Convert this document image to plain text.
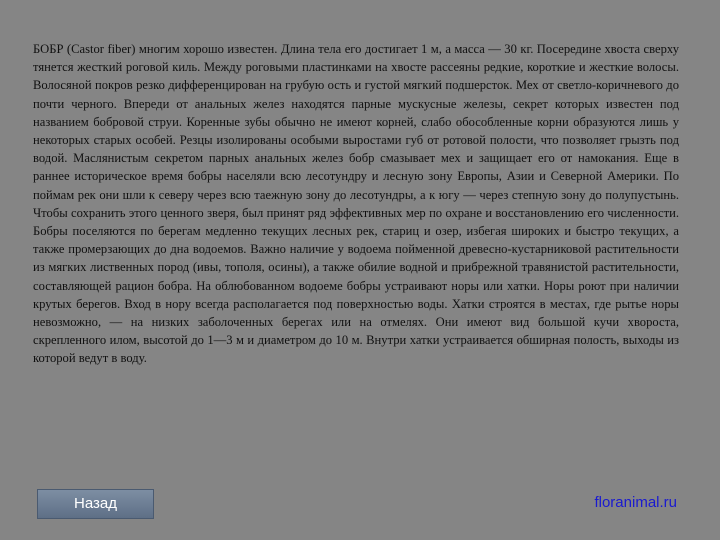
БОБР (Castor fiber) многим хорошо известен. Длина тела его достигает 1 м, а масса — 30 кг. Посередине хвоста сверху тянется жесткий роговой киль. Между роговыми пластинками на хвосте рассеяны редкие, короткие и жесткие волосы. Волосяной покров резко дифференцирован на грубую ость и густой мягкий подшерсток. Мех от светло-коричневого до почти черного. Впереди от анальных желез находятся парные мускусные железы, секрет которых известен под названием бобровой струи. Коренные зубы обычно не имеют корней, слабо обособленные корни образуются лишь у некоторых старых особей. Резцы изолированы особыми выростами губ от ротовой полости, что позволяет грызть под водой. Маслянистым секретом парных анальных желез бобр смазывает мех и защищает его от намокания. Еще в раннее историческое время бобры населяли всю лесотундру и лесную зону Европы, Азии и Северной Америки. По поймам рек они шли к северу через всю таежную зону до лесотундры, а к югу — через степную зону до полупустынь. Чтобы сохранить этого ценного зверя, был принят ряд эффективных мер по охране и восстановлению его численности. Бобры поселяются по берегам медленно текущих лесных рек, стариц и озер, избегая широких и быстро текущих, а также промерзающих до дна водоемов. Важно наличие у водоема пойменной древесно-кустарниковой растительности из мягких лиственных пород (ивы, тополя, осины), а также обилие водной и прибрежной травянистой растительности, составляющей рацион бобра. На облюбованном водоеме бобры устраивают норы или хатки. Норы роют при наличии крутых берегов. Вход в нору всегда располагается под поверхностью воды. Хатки строятся в местах, где рытье норы невозможно, — на низких заболоченных берегах или на отмелях. Они имеют вид большой кучи хвороста, скрепленного илом, высотой до 1—3 м и диаметром до 10 м. Внутри хатки устраивается обширная полость, выходы из которой ведут в воду.

Назад	floranimal.ru
